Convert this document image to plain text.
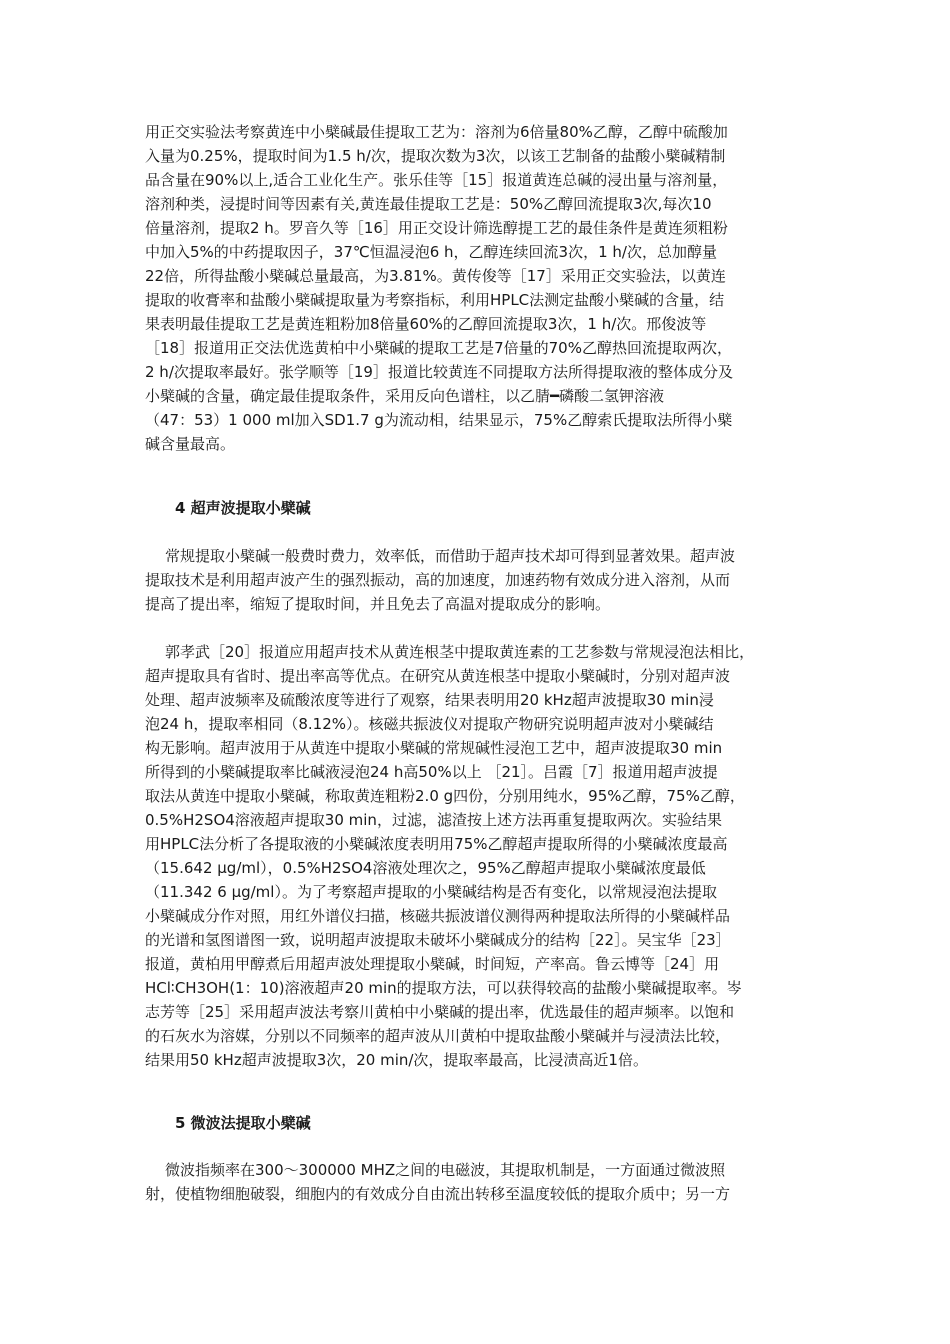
用正交实验法考察黄连中小檗碱最佳提取工艺为：溶剂为6倍量80%乙醇，乙醇中硫酸加
入量为0.25%，提取时间为1.5 h/次，提取次数为3次，以该工艺制备的盐酸小檗碱精制
品含量在90%以上,适合工业化生产。张乐佳等［15］报道黄连总碱的浸出量与溶剂量，
溶剂种类，浸提时间等因素有关,黄连最佳提取工艺是：50%乙醇回流提取3次,每次10
倍量溶剂，提取2 h。罗音久等［16］用正交设计筛选醇提工艺的最佳条件是黄连须粗粉
中加入5%的中药提取因子，37℃恒温浸泡6 h，乙醇连续回流3次，1 h/次，总加醇量
22倍，所得盐酸小檗碱总量最高，为3.81%。黄传俊等［17］采用正交实验法，以黄连
提取的收膏率和盐酸小檗碱提取量为考察指标，利用HPLC法测定盐酸小檗碱的含量，结
果表明最佳提取工艺是黄连粗粉加8倍量60%的乙醇回流提取3次，1 h/次。邢俊波等
［18］报道用正交法优选黄柏中小檗碱的提取工艺是7倍量的70%乙醇热回流提取两次，
2 h/次提取率最好。张学顺等［19］报道比较黄连不同提取方法所得提取液的整体成分及
小檗碱的含量，确定最佳提取条件，采用反向色谱柱，以乙腈━磷酸二氢钾溶液
（47：53）1 000 ml加入SD1.7 g为流动相，结果显示，75%乙醇索氏提取法所得小檗
碱含量最高。
4 超声波提取小檗碱
常规提取小檗碱一般费时费力，效率低，而借助于超声技术却可得到显著效果。超声波
提取技术是利用超声波产生的强烈振动，高的加速度，加速药物有效成分进入溶剂，从而
提高了提出率，缩短了提取时间，并且免去了高温对提取成分的影响。
郭孝武［20］报道应用超声技术从黄连根茎中提取黄连素的工艺参数与常规浸泡法相比，
超声提取具有省时、提出率高等优点。在研究从黄连根茎中提取小檗碱时，分别对超声波
处理、超声波频率及硫酸浓度等进行了观察，结果表明用20 kHz超声波提取30 min浸
泡24 h，提取率相同（8.12%）。核磁共振波仪对提取产物研究说明超声波对小檗碱结
构无影响。超声波用于从黄连中提取小檗碱的常规碱性浸泡工艺中，超声波提取30 min
所得到的小檗碱提取率比碱液浸泡24 h高50%以上 ［21］。吕霞［7］报道用超声波提
取法从黄连中提取小檗碱，称取黄连粗粉2.0 g四份，分别用纯水，95%乙醇，75%乙醇，
0.5%H2SO4溶液超声提取30 min，过滤，滤渣按上述方法再重复提取两次。实验结果
用HPLC法分析了各提取液的小檗碱浓度表明用75%乙醇超声提取所得的小檗碱浓度最高
（15.642 μg/ml），0.5%H2SO4溶液处理次之，95%乙醇超声提取小檗碱浓度最低
（11.342 6 μg/ml）。为了考察超声提取的小檗碱结构是否有变化，以常规浸泡法提取
小檗碱成分作对照，用红外谱仪扫描，核磁共振波谱仪测得两种提取法所得的小檗碱样品
的光谱和氢图谱图一致，说明超声波提取未破坏小檗碱成分的结构［22］。吴宝华［23］
报道，黄柏用甲醇煮后用超声波处理提取小檗碱，时间短，产率高。鲁云博等［24］用
HCl∶CH3OH(1：10)溶液超声20 min的提取方法，可以获得较高的盐酸小檗碱提取率。岑
志芳等［25］采用超声波法考察川黄柏中小檗碱的提出率，优选最佳的超声频率。以饱和
的石灰水为溶媒，分别以不同频率的超声波从川黄柏中提取盐酸小檗碱并与浸渍法比较，
结果用50 kHz超声波提取3次，20 min/次，提取率最高，比浸渍高近1倍。
5 微波法提取小檗碱
微波指频率在300～300000 MHZ之间的电磁波，其提取机制是，一方面通过微波照
射，使植物细胞破裂，细胞内的有效成分自由流出转移至温度较低的提取介质中；另一方
